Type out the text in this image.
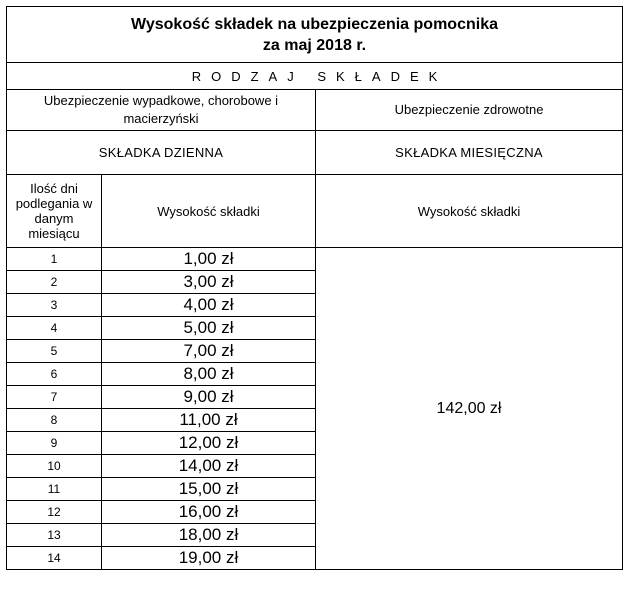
Wysokość składek na ubezpieczenia pomocnika
za maj 2018 r.		

RODZAJ SKŁADEK		
Ubezpieczenie wypadkowe, chorobowe i macierzyński		Ubezpieczenie zdrowotne
SKŁADKA DZIENNA		SKŁADKA MIESIĘCZNA

Ilość dni podlegania w danym miesiącu	Wysokość składki	Wysokość składki
1	1,00 zł	142,00 zł
2	3,00 zł	
3	4,00 zł	
4	5,00 zł	
5	7,00 zł	
6	8,00 zł	
7	9,00 zł	
8	11,00 zł	
9	12,00 zł	
10	14,00 zł	
11	15,00 zł	
12	16,00 zł	
13	18,00 zł	
14	19,00 zł	
